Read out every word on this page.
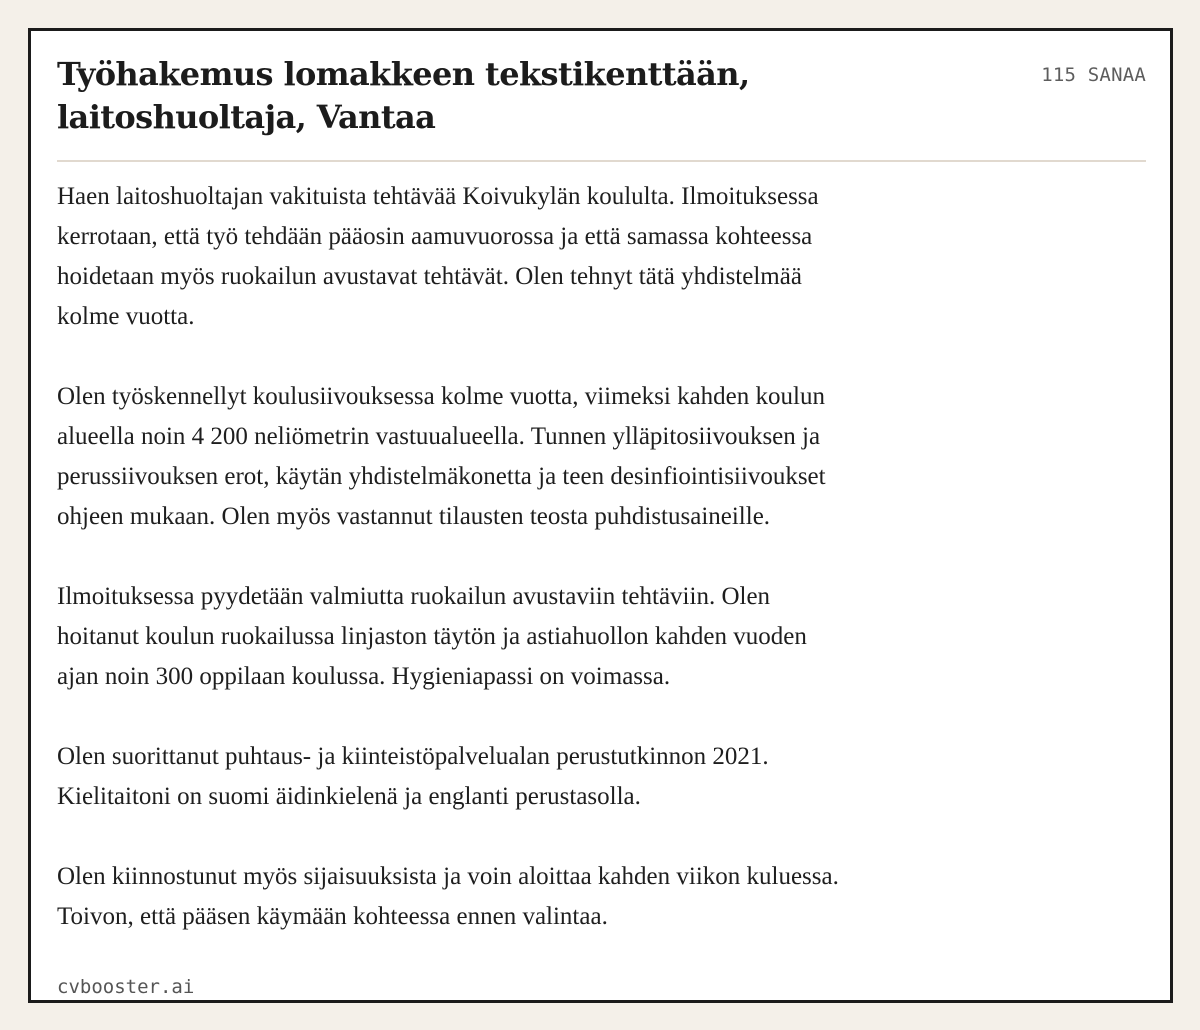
Työhakemus lomakkeen tekstikenttään,
laitoshuoltaja, Vantaa
115 SANAA

Haen laitoshuoltajan vakituista tehtävää Koivukylän koululta. Ilmoituksessa
kerrotaan, että työ tehdään pääosin aamuvuorossa ja että samassa kohteessa
hoidetaan myös ruokailun avustavat tehtävät. Olen tehnyt tätä yhdistelmää
kolme vuotta.

Olen työskennellyt koulusiivouksessa kolme vuotta, viimeksi kahden koulun
alueella noin 4 200 neliömetrin vastuualueella. Tunnen ylläpitosiivouksen ja
perussiivouksen erot, käytän yhdistelmäkonetta ja teen desinfiointisiivoukset
ohjeen mukaan. Olen myös vastannut tilausten teosta puhdistusaineille.

Ilmoituksessa pyydetään valmiutta ruokailun avustaviin tehtäviin. Olen
hoitanut koulun ruokailussa linjaston täytön ja astiahuollon kahden vuoden
ajan noin 300 oppilaan koulussa. Hygieniapassi on voimassa.

Olen suorittanut puhtaus- ja kiinteistöpalvelualan perustutkinnon 2021.
Kielitaitoni on suomi äidinkielenä ja englanti perustasolla.

Olen kiinnostunut myös sijaisuuksista ja voin aloittaa kahden viikon kuluessa.
Toivon, että pääsen käymään kohteessa ennen valintaa.

cvbooster.ai
